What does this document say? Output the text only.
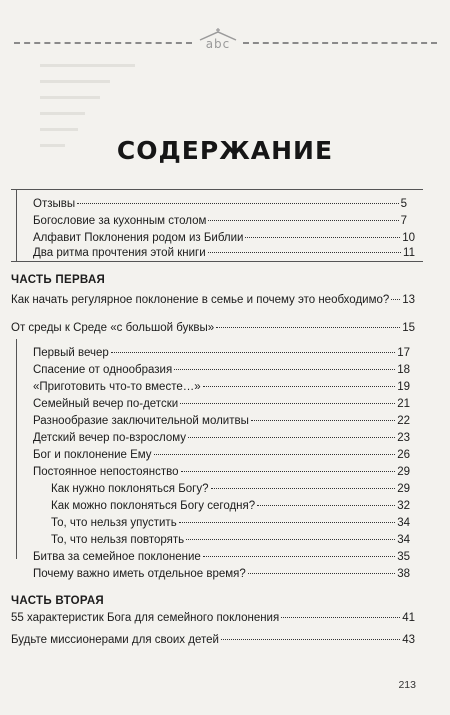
abc
СОДЕРЖАНИЕ
Отзывы	5
Богословие за кухонным столом	7
Алфавит Поклонения родом из Библии	10
Два ритма прочтения этой книги	11
ЧАСТЬ ПЕРВАЯ
Как начать регулярное поклонение в семье и почему это необходимо? 13
От среды к Среде «с большой буквы»	15
Первый вечер	17
Спасение от однообразия	18
«Приготовить что-то вместе…»	19
Семейный вечер по-детски	21
Разнообразие заключительной молитвы	22
Детский вечер по-взрослому	23
Бог и поклонение Ему	26
Постоянное непостоянство	29
Как нужно поклоняться Богу?	29
Как можно поклоняться Богу сегодня?	32
То, что нельзя упустить	34
То, что нельзя повторять	34
Битва за семейное поклонение	35
Почему важно иметь отдельное время?	38
ЧАСТЬ ВТОРАЯ
55 характеристик Бога для семейного поклонения	41
Будьте миссионерами для своих детей	43
213
